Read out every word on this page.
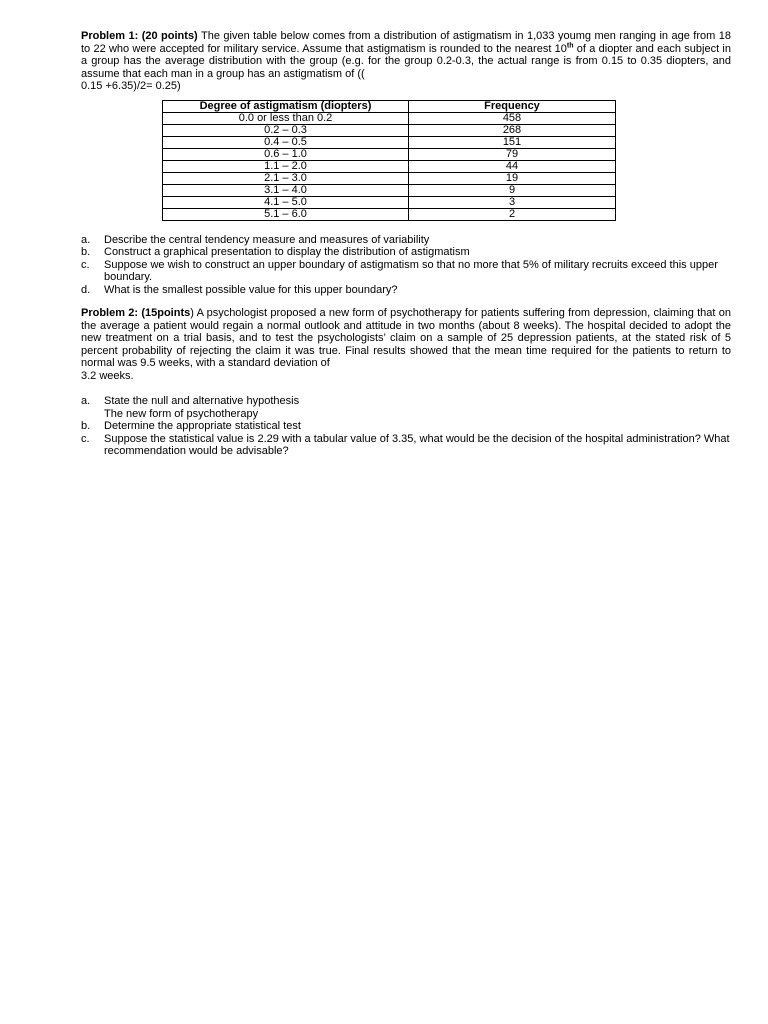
Problem 1: (20 points) The given table below comes from a distribution of astigmatism in 1,033 youmg men ranging in age from 18 to 22 who were accepted for military service. Assume that astigmatism is rounded to the nearest 10th of a diopter and each subject in a group has the average distribution with the group (e.g. for the group 0.2-0.3, the actual range is from 0.15 to 0.35 diopters, and assume that each man in a group has an astigmatism of ((
0.15 +6.35)/2= 0.25)

Degree of astigmatism (diopters)	Frequency
0.0 or less than 0.2	458
0.2 – 0.3	268
0.4 – 0.5	151
0.6 – 1.0	79
1.1 – 2.0	44
2.1 – 3.0	19
3.1 – 4.0	9
4.1 – 5.0	3
5.1 – 6.0	2
a.	Describe the central tendency measure and measures of variability
b.	Construct a graphical presentation to display the distribution of astigmatism
c.	Suppose we wish to construct an upper boundary of astigmatism so that no more that 5% of military recruits exceed this upper boundary.
d.	What is the smallest possible value for this upper boundary?

Problem 2: (15points) A psychologist proposed a new form of psychotherapy for patients suffering from depression, claiming that on the average a patient would regain a normal outlook and attitude in two months (about 8 weeks). The hospital decided to adopt the new treatment on a trial basis, and to test the psychologists’ claim on a sample of 25 depression patients, at the stated risk of 5 percent probability of rejecting the claim it was true. Final results showed that the mean time required for the patients to return to normal was 9.5 weeks, with a standard deviation of
3.2 weeks.

a.	State the null and alternative hypothesis
The new form of psychotherapy
b.	Determine the appropriate statistical test
c.	Suppose the statistical value is 2.29 with a tabular value of 3.35, what would be the decision of the hospital administration? What recommendation would be advisable?
